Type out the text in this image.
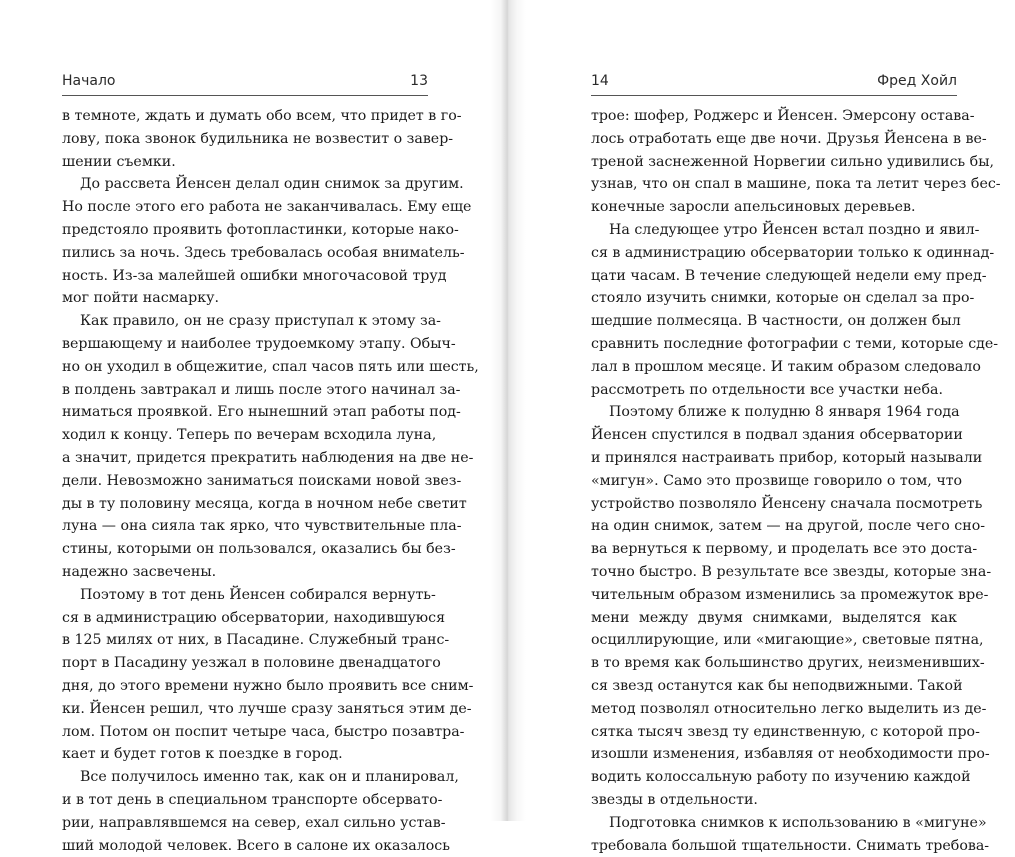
Начало	13
в темноте, ждать и думать обо всем, что придет в го-
лову, пока звонок будильника не возвестит о завер-
шении съемки.
До рассвета Йенсен делал один снимок за другим.
Но после этого его работа не заканчивалась. Ему еще
предстояло проявить фотопластинки, которые нако-
пились за ночь. Здесь требовалась особая внимatель-
ность. Из-за малейшей ошибки многочасовой труд
мог пойти насмарку.
Как правило, он не сразу приступал к этому за-
вершающему и наиболее трудоемкому этапу. Обыч-
но он уходил в общежитие, спал часов пять или шесть,
в полдень завтракал и лишь после этого начинал за-
ниматься проявкой. Его нынешний этап работы под-
ходил к концу. Теперь по вечерам всходила луна,
а значит, придется прекратить наблюдения на две не-
дели. Невозможно заниматься поисками новой звез-
ды в ту половину месяца, когда в ночном небе светит
луна — она сияла так ярко, что чувствительные пла-
стины, которыми он пользовался, оказались бы без-
надежно засвечены.
Поэтому в тот день Йенсен собирался вернуть-
ся в администрацию обсерватории, находившуюся
в 125 милях от них, в Пасадине. Служебный транс-
порт в Пасадину уезжал в половине двенадцатого
дня, до этого времени нужно было проявить все сним-
ки. Йенсен решил, что лучше сразу заняться этим де-
лом. Потом он поспит четыре часа, быстро позавтра-
кает и будет готов к поездке в город.
Все получилось именно так, как он и планировал,
и в тот день в специальном транспорте обсервато-
рии, направлявшемся на север, ехал сильно устав-
ший молодой человек. Всего в салоне их оказалось
14	Фред Хойл
трое: шофер, Роджерс и Йенсен. Эмерсону оставa-
лось отработать еще две ночи. Друзья Йенсена в ве-
треной заснеженной Норвегии сильно удивились бы,
узнав, что он спал в машине, пока та летит через бес-
конечные заросли апельсиновых деревьев.
На следующее утро Йенсен встал поздно и явил-
ся в администрацию обсерватории только к одиннад-
цати часам. В течение следующей недели ему пред-
стояло изучить снимки, которые он сделал за про-
шедшие полмесяца. В частности, он должен был
сравнить последние фотографии с теми, которые сде-
лал в прошлом месяце. И таким образом следовало
рассмотреть по отдельности все участки неба.
Поэтому ближе к полудню 8 января 1964 года
Йенсен спустился в подвал здания обсерватории
и принялся настраивать прибор, который называли
«мигун». Само это прозвище говорило о том, что
устройство позволяло Йенсену сначала посмотреть
на один снимок, затем — на другой, после чего сно-
ва вернуться к первому, и проделать все это доста-
точно быстро. В результате все звезды, которые зна-
чительным образом изменились за промежуток вре-
мени между двумя снимками, выделятся как
осциллирующие, или «мигающие», световые пятна,
в то время как большинство других, неизменивших-
ся звезд останутся как бы неподвижными. Такой
метод позволял относительно легко выделить из де-
сятка тысяч звезд ту единственную, с которой про-
изошли изменения, избавляя от необходимости про-
водить колоссальную работу по изучению каждой
звезды в отдельности.
Подготовка снимков к использованию в «мигуне»
требовала большой тщательности. Снимать требова-
